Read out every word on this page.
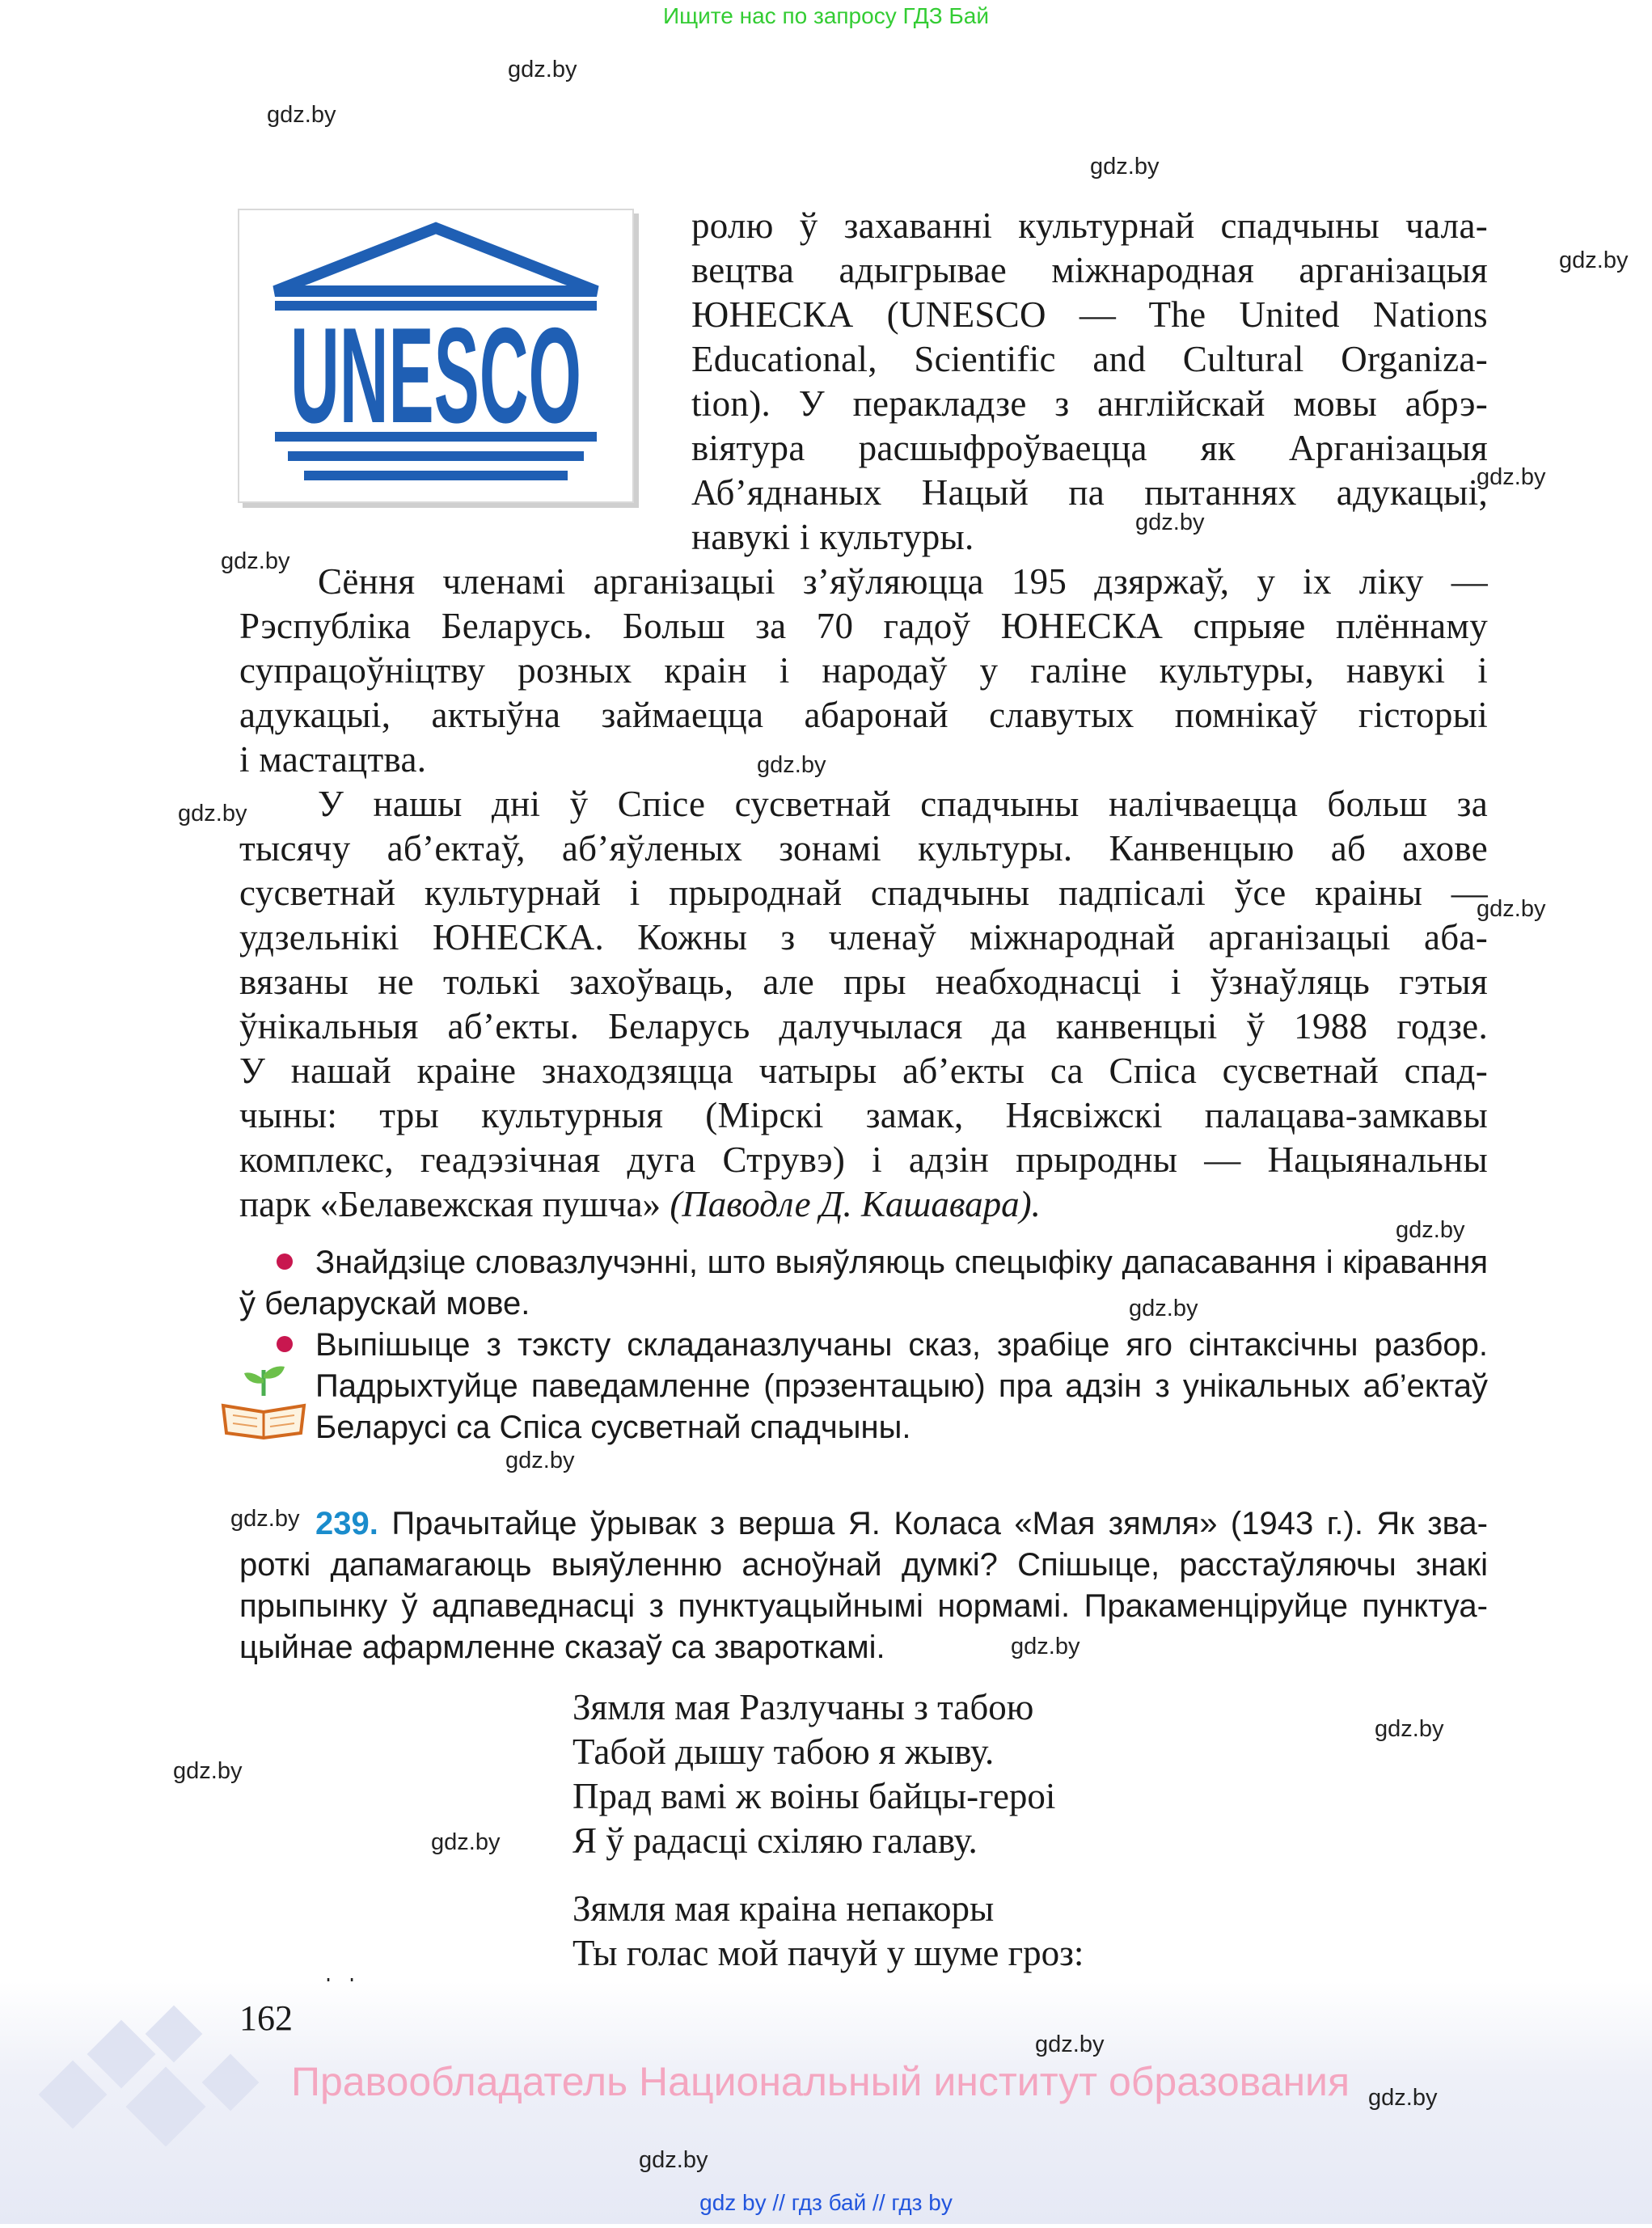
Ищите нас по запросу ГДЗ Бай
gdz.by
gdz.by
gdz.by
gdz.by
gdz.by
gdz.by
gdz.by
gdz.by
gdz.by
gdz.by
gdz.by
gdz.by
gdz.by
gdz.by
gdz.by
gdz.by
gdz.by
gdz.by
UNESCO
ролю ў захаванні культурнай спадчыны чала-
вецтва адыгрывае міжнародная арганізацыя
ЮНЕСКА (UNESCO — The United Nations
Educational, Scientific and Cultural Organiza-
tion). У перакладзе з англійскай мовы абрэ-
віятура расшыфроўваецца як Арганізацыя
Аб’яднаных Нацый па пытаннях адукацыі,
навукі і культуры.
Сёння членамі арганізацыі з’яўляюцца 195 дзяржаў, у іх ліку —
Рэспубліка Беларусь. Больш за 70 гадоў ЮНЕСКА спрыяе плённаму
супрацоўніцтву розных краін і народаў у галіне культуры, навукі і
адукацыі, актыўна займаецца абаронай славутых помнікаў гісторыі
і мастацтва.
У нашы дні ў Спісе сусветнай спадчыны налічваецца больш за
тысячу аб’ектаў, аб’яўленых зонамі культуры. Канвенцыю аб ахове
сусветнай культурнай і прыроднай спадчыны падпісалі ўсе краіны —
удзельнікі ЮНЕСКА. Кожны з членаў міжнароднай арганізацыі аба-
вязаны не толькі захоўваць, але пры неабходнасці і ўзнаўляць гэтыя
ўнікальныя аб’екты. Беларусь далучылася да канвенцыі ў 1988 годзе.
У нашай краіне знаходзяцца чатыры аб’екты са Спіса сусветнай спад-
чыны: тры культурныя (Мірскі замак, Нясвіжскі палацава-замкавы
комплекс, геадэзічная дуга Струвэ) і адзін прыродны — Нацыянальны
парк «Белавежская пушча» (Паводле Д. Кашавара).
Знайдзіце словазлучэнні, што выяўляюць спецыфіку дапасавання і кіравання
ў беларускай мове.
Выпішыце з тэксту складаназлучаны сказ, зрабіце яго сінтаксічны разбор.
Падрыхтуйце паведамленне (прэзентацыю) пра адзін з унікальных аб’ектаў
Беларусі са Спіса сусветнай спадчыны.
239. Прачытайце ўрывак з верша Я. Коласа «Мая зямля» (1943 г.). Як зва-
роткі дапамагаюць выяўленню асноўнай думкі? Спішыце, расстаўляючы знакі
прыпынку ў адпаведнасці з пунктуацыйнымі нормамі. Пракаменціруйце пунктуа-
цыйнае афармленне сказаў са звароткамі.
Зямля мая Разлучаны з табою
Табой дышу табою я жыву.
Прад вамі ж воіны байцы-героі
Я ў радасці схіляю галаву.
Зямля мая краіна непакоры
Ты голас мой пачуй у шуме гроз:
162
gdz.by
Правообладатель Национальный институт образования gdz.by
gdz.by
gdz by // гдз бай // гдз by
